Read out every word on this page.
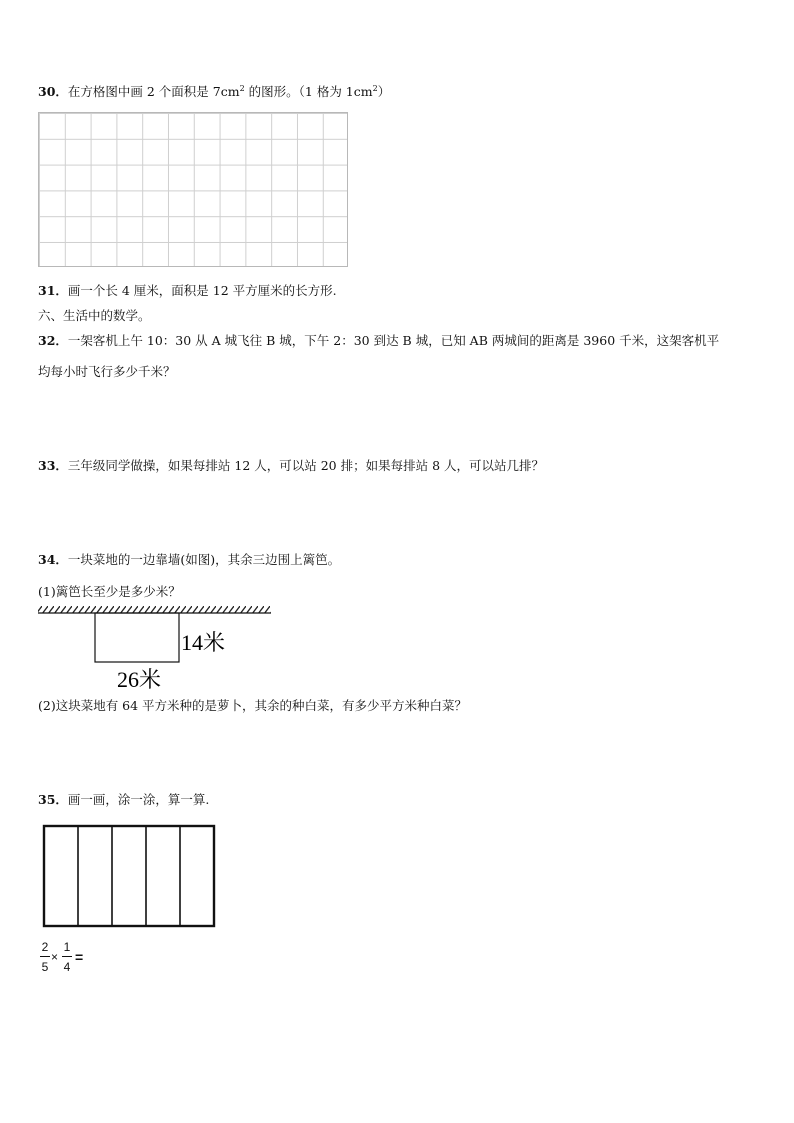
30．在方格图中画 2 个面积是 $7cm^2$ 的图形。（1 格为 $1cm^2$）
31．画一个长 4 厘米，面积是 12 平方厘米的长方形.
六、生活中的数学。
32．一架客机上午 10：30 从 A 城飞往 B 城，下午 2：30 到达 B 城，已知 AB 两城间的距离是 3960 千米，这架客机平
均每小时飞行多少千米？
33．三年级同学做操，如果每排站 12 人，可以站 20 排；如果每排站 8 人，可以站几排？
34．一块菜地的一边靠墙(如图)，其余三边围上篱笆。
(1)篱笆长至少是多少米？
14米
26米
(2)这块菜地有 64 平方米种的是萝卜，其余的种白菜，有多少平方米种白菜？
35．画一画，涂一涂，算一算.
2
5
×
1
4
=
